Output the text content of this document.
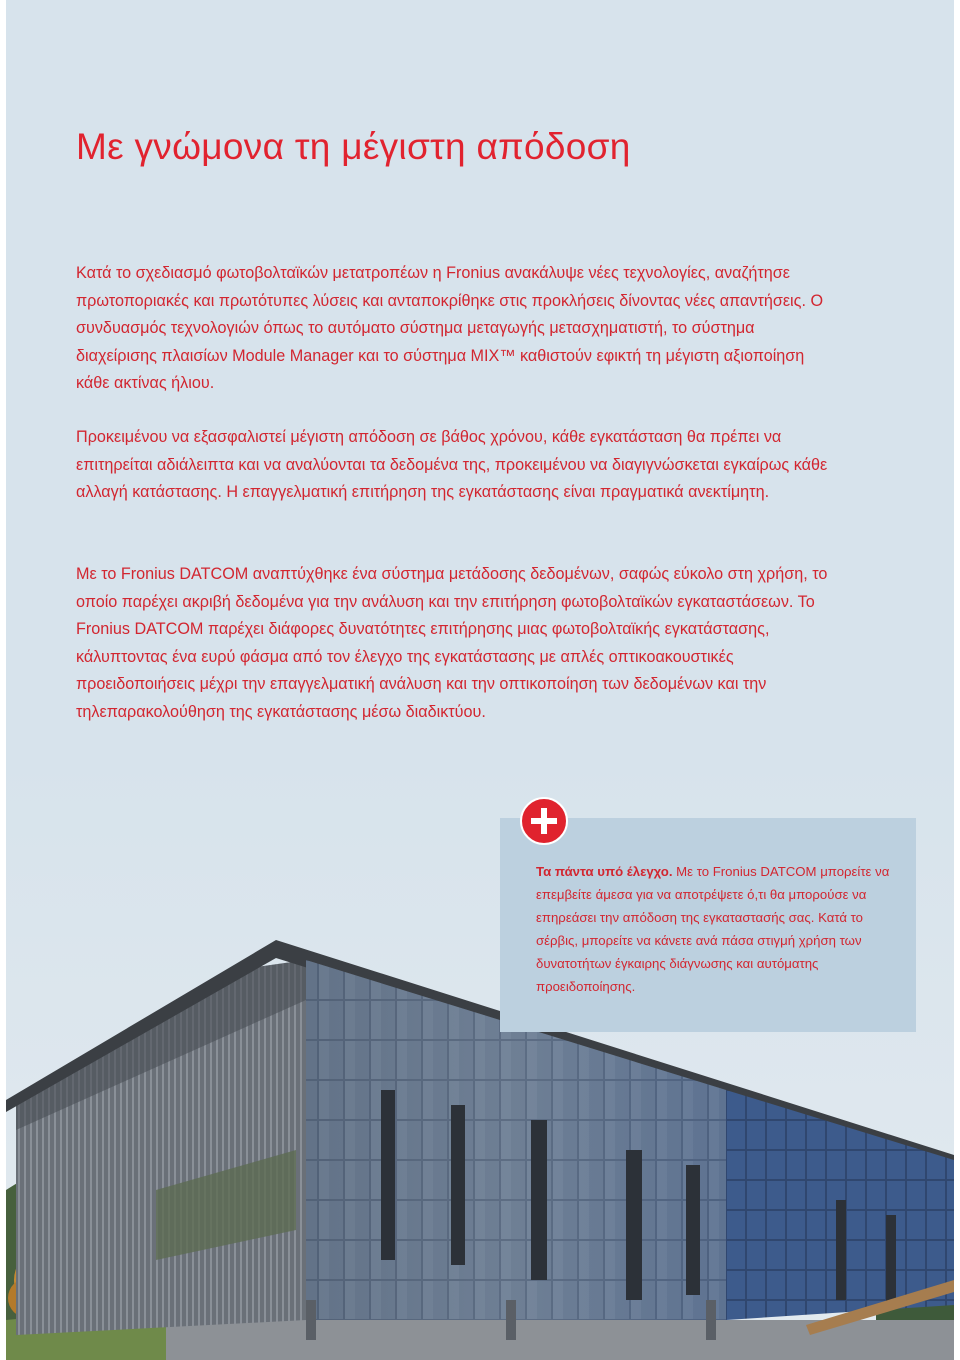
Με γνώμονα τη μέγιστη απόδοση

Κατά το σχεδιασμό φωτοβολταϊκών μετατροπέων η Fronius ανακάλυψε νέες τεχνολογίες, αναζήτησε πρωτοποριακές και πρωτότυπες λύσεις και ανταποκρίθηκε στις προκλήσεις δίνοντας νέες απαντήσεις. Ο συνδυασμός τεχνολογιών όπως το αυτόματο σύστημα μεταγωγής μετασχηματιστή, το σύστημα διαχείρισης πλαισίων Module Manager και το σύστημα MIX™ καθιστούν εφικτή τη μέγιστη αξιοποίηση κάθε ακτίνας ήλιου.

Προκειμένου να εξασφαλιστεί μέγιστη απόδοση σε βάθος χρόνου, κάθε εγκατάσταση θα πρέπει να επιτηρείται αδιάλειπτα και να αναλύονται τα δεδομένα της, προκειμένου να διαγιγνώσκεται εγκαίρως κάθε αλλαγή κατάστασης. Η επαγγελματική επιτήρηση της εγκατάστασης είναι πραγματικά ανεκτίμητη.

Με το Fronius DATCOM αναπτύχθηκε ένα σύστημα μετάδοσης δεδομένων, σαφώς εύκολο στη χρήση, το οποίο παρέχει ακριβή δεδομένα για την ανάλυση και την επιτήρηση φωτοβολταϊκών εγκαταστάσεων. Το Fronius DATCOM παρέχει διάφορες δυνατότητες επιτήρησης μιας φωτοβολταϊκής εγκατάστασης, κάλυπτοντας ένα ευρύ φάσμα από τον έλεγχο της εγκατάστασης με απλές οπτικοακουστικές προειδοποιήσεις μέχρι την επαγγελματική ανάλυση και την οπτικοποίηση των δεδομένων και την τηλεπαρακολούθηση της εγκατάστασης μέσω διαδικτύου.

Τα πάντα υπό έλεγχο. Με το Fronius DATCOM μπορείτε να επεμβείτε άμεσα για να αποτρέψετε ό,τι θα μπορούσε να επηρεάσει την απόδοση της εγκαταστασής σας. Κατά το σέρβις, μπορείτε να κάνετε ανά πάσα στιγμή χρήση των δυνατοτήτων έγκαιρης διάγνωσης και αυτόματης προειδοποίησης.
